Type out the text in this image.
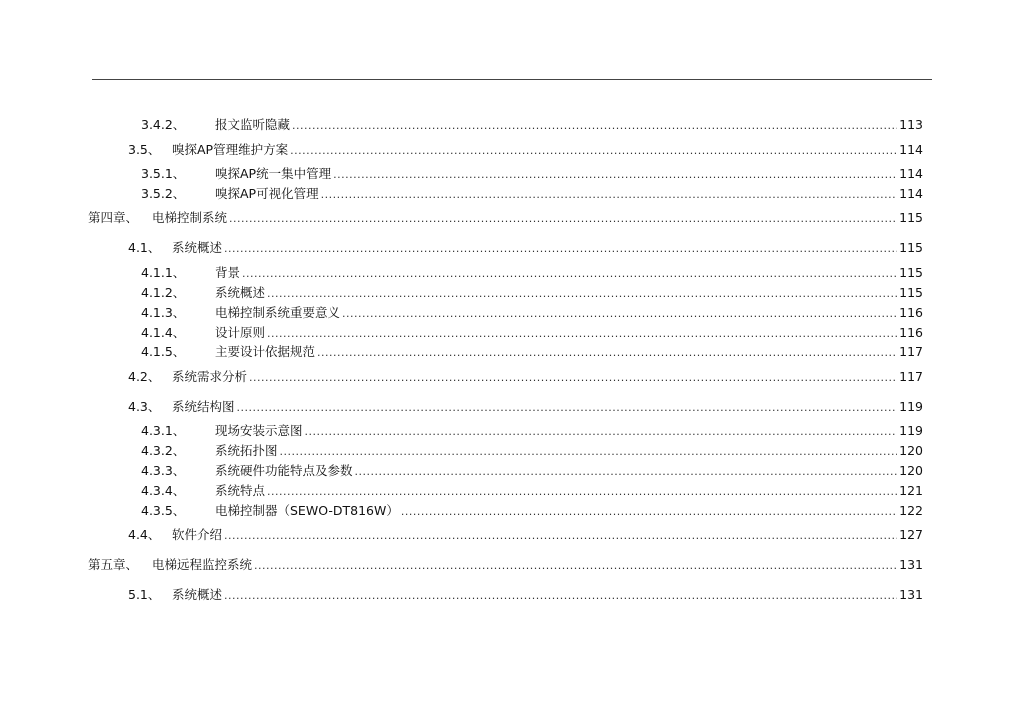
3.4.2、	报文监听隐藏 .....	113
3.5、 嗅探AP管理维护方案 .....	114
3.5.1、	嗅探AP统一集中管理 .....	114
3.5.2、	嗅探AP可视化管理 .....	114
第四章、	电梯控制系统 .....	115
4.1、 系统概述 .....	115
4.1.1、	背景 .....	115
4.1.2、	系统概述 .....	115
4.1.3、	电梯控制系统重要意义 .....	116
4.1.4、	设计原则 .....	116
4.1.5、	主要设计依据规范 .....	117
4.2、 系统需求分析 .....	117
4.3、 系统结构图 .....	119
4.3.1、	现场安装示意图 .....	119
4.3.2、	系统拓扑图 .....	120
4.3.3、	系统硬件功能特点及参数 .....	120
4.3.4、	系统特点 .....	121
4.3.5、	电梯控制器（SEWO-DT816W） .....	122
4.4、 软件介绍 .....	127
第五章、	电梯远程监控系统 .....	131
5.1、 系统概述 .....	131
